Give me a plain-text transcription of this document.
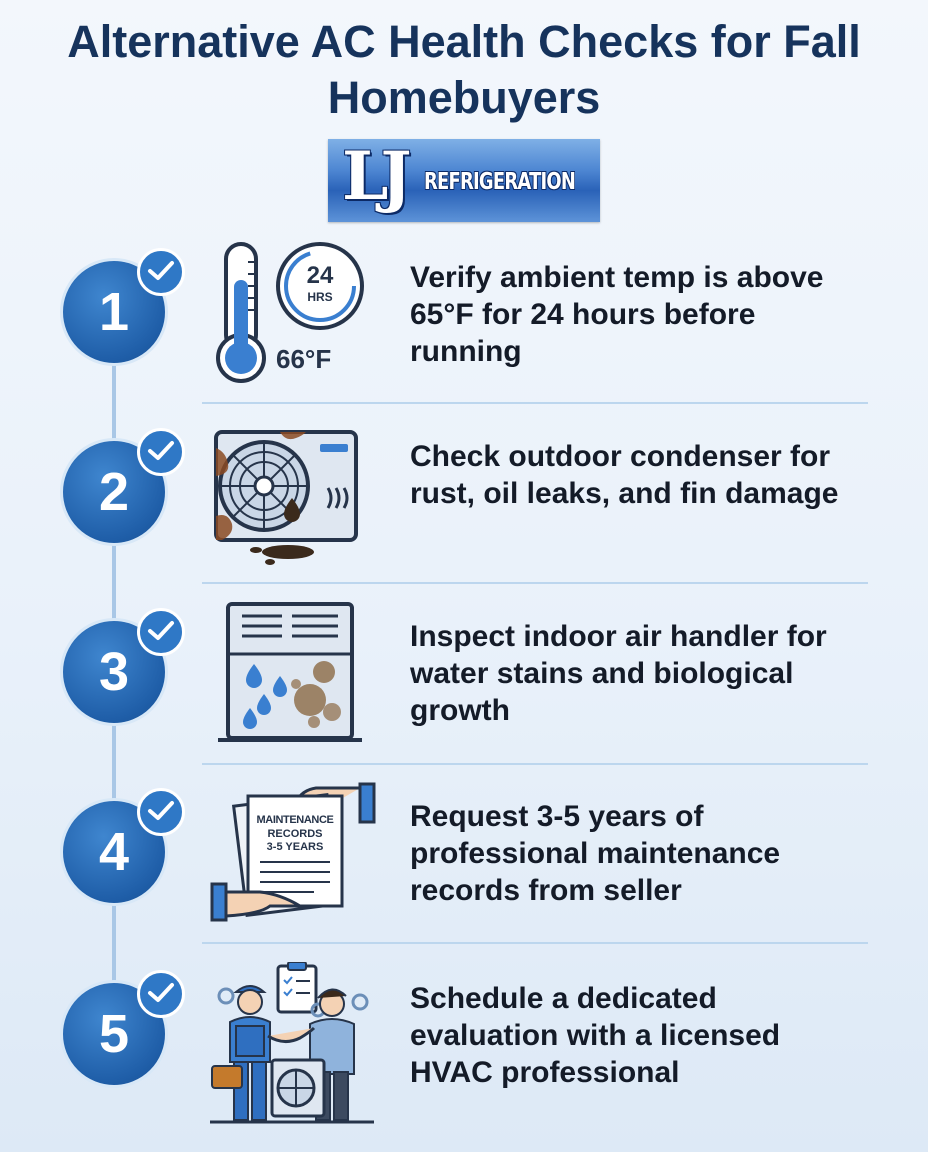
Alternative AC Health Checks for Fall Homebuyers
LJ REFRIGERATION
1
24
HRS
66°F

Verify ambient temp is above 65°F for 24 hours before running

2

Check outdoor condenser for rust, oil leaks, and fin damage

3

Inspect indoor air handler for water stains and biological growth

4
MAINTENANCE
RECORDS
3-5 YEARS

Request 3-5 years of professional maintenance records from seller

5

Schedule a dedicated evaluation with a licensed HVAC professional
